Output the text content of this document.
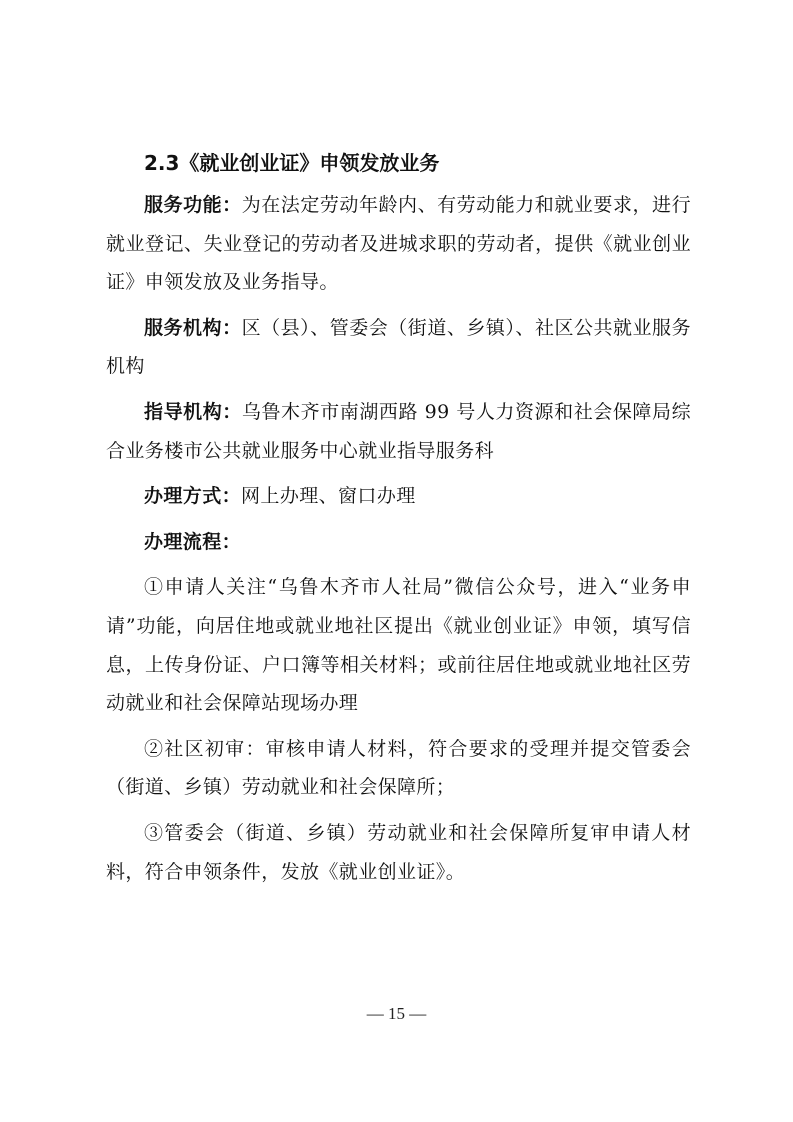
2.3《就业创业证》申领发放业务

服务功能：为在法定劳动年龄内、有劳动能力和就业要求，进行就业登记、失业登记的劳动者及进城求职的劳动者，提供《就业创业证》申领发放及业务指导。

服务机构：区（县）、管委会（街道、乡镇）、社区公共就业服务机构

指导机构：乌鲁木齐市南湖西路 99 号人力资源和社会保障局综合业务楼市公共就业服务中心就业指导服务科

办理方式：网上办理、窗口办理

办理流程：

①申请人关注“乌鲁木齐市人社局”微信公众号，进入“业务申请”功能，向居住地或就业地社区提出《就业创业证》申领，填写信息，上传身份证、户口簿等相关材料；或前往居住地或就业地社区劳动就业和社会保障站现场办理

②社区初审：审核申请人材料，符合要求的受理并提交管委会（街道、乡镇）劳动就业和社会保障所；

③管委会（街道、乡镇）劳动就业和社会保障所复审申请人材料，符合申领条件，发放《就业创业证》。

— 15 —
